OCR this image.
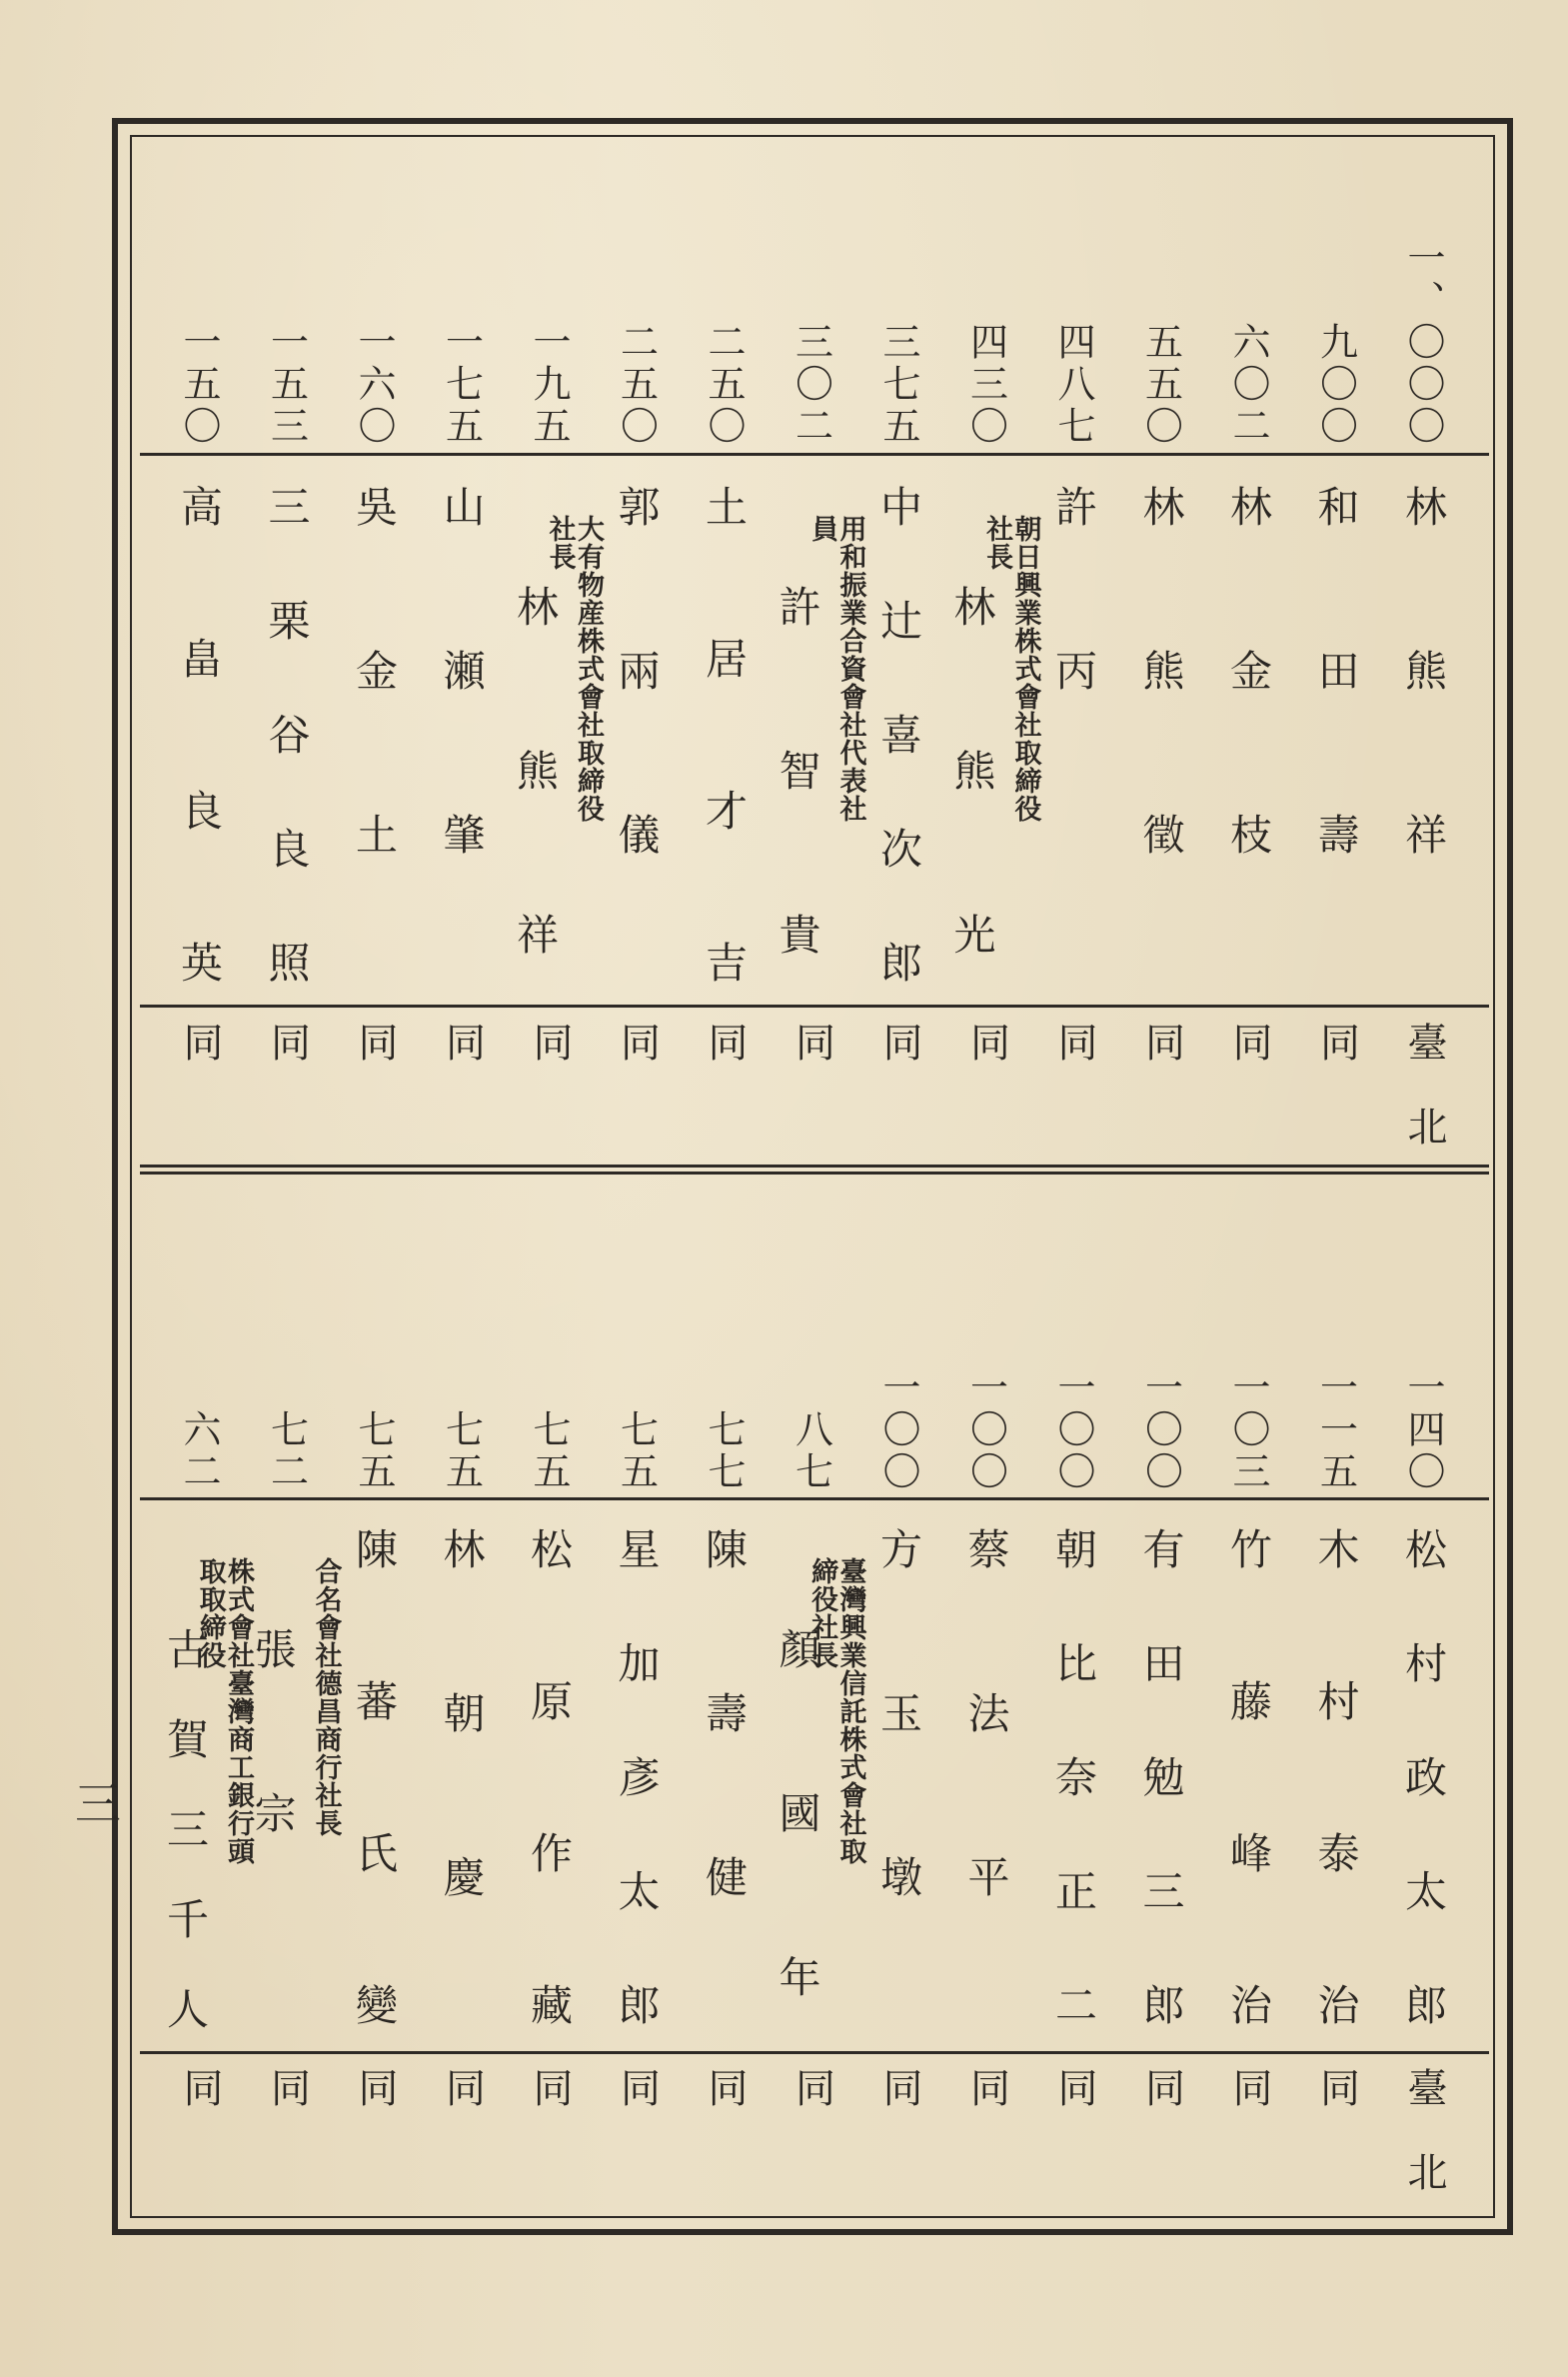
一、〇〇〇
林　熊　祥
臺北
九〇〇
和　田　壽
同
六〇二
林　金　枝
同
五五〇
林　熊　徵
同
四八七
許　丙
同
四三〇
朝日興業株式會社取締役社長
林　熊　光
同
三七五
中　辻　喜　次　郎
同
三〇二
用和振業合資會社代表社員
許　智　貴
同
二五〇
土　居　才　吉
同
二五〇
郭　兩　儀
同
一九五
大有物産株式會社取締役社長
林　熊　祥
同
一七五
山　瀬　肇
同
一六〇
吳　金　土
同
一五三
三　栗　谷　良　照
同
一五〇
高　畠　良　英
同
一四〇
松　村　政　太　郎
臺北
一一五
木　村　泰　治
同
一〇三
竹　藤　峰　治
同
一〇〇
有　田　勉　三　郎
同
一〇〇
朝　比　奈　正　二
同
一〇〇
蔡　法　平
同
一〇〇
方　玉　墩
同
八七
臺灣興業信託株式會社取締役社長
顏　國　年
同
七七
陳　壽　健
同
七五
星　加　彥　太　郎
同
七五
松　原　作　藏
同
七五
林　朝　慶
同
七五
陳　蕃　氏　變
同
七二
合名會社德昌商行社長
張　宗
同
六二
株式會社臺灣商工銀行頭取取締役
古　賀　三　千　人
同
三
